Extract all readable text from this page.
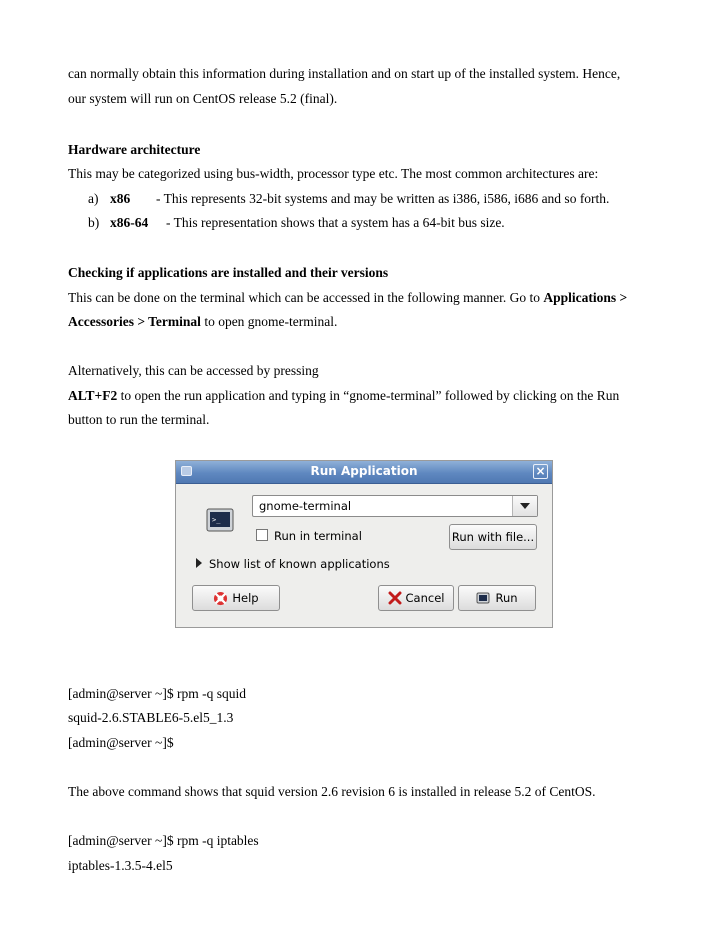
can normally obtain this information during installation and on start up of the installed system. Hence,
our system will run on CentOS release 5.2 (final).
Hardware architecture
This may be categorized using bus-width, processor type etc. The most common architectures are:
a) x86 - This represents 32-bit systems and may be written as i386, i586, i686 and so forth.
b) x86-64 - This representation shows that a system has a 64-bit bus size.
Checking if applications are installed and their versions
This can be done on the terminal which can be accessed in the following manner. Go to Applications >
Accessories > Terminal to open gnome-terminal.
Alternatively, this can be accessed by pressing
ALT+F2 to open the run application and typing in “gnome-terminal” followed by clicking on the Run
button to run the terminal.
Run Application	×
>_
gnome-terminal
Run in terminal	Run with file...
Show list of known applications
Help	Cancel	Run
[admin@server ~]$ rpm -q squid
squid-2.6.STABLE6-5.el5_1.3
[admin@server ~]$
The above command shows that squid version 2.6 revision 6 is installed in release 5.2 of CentOS.
[admin@server ~]$ rpm -q iptables
iptables-1.3.5-4.el5
